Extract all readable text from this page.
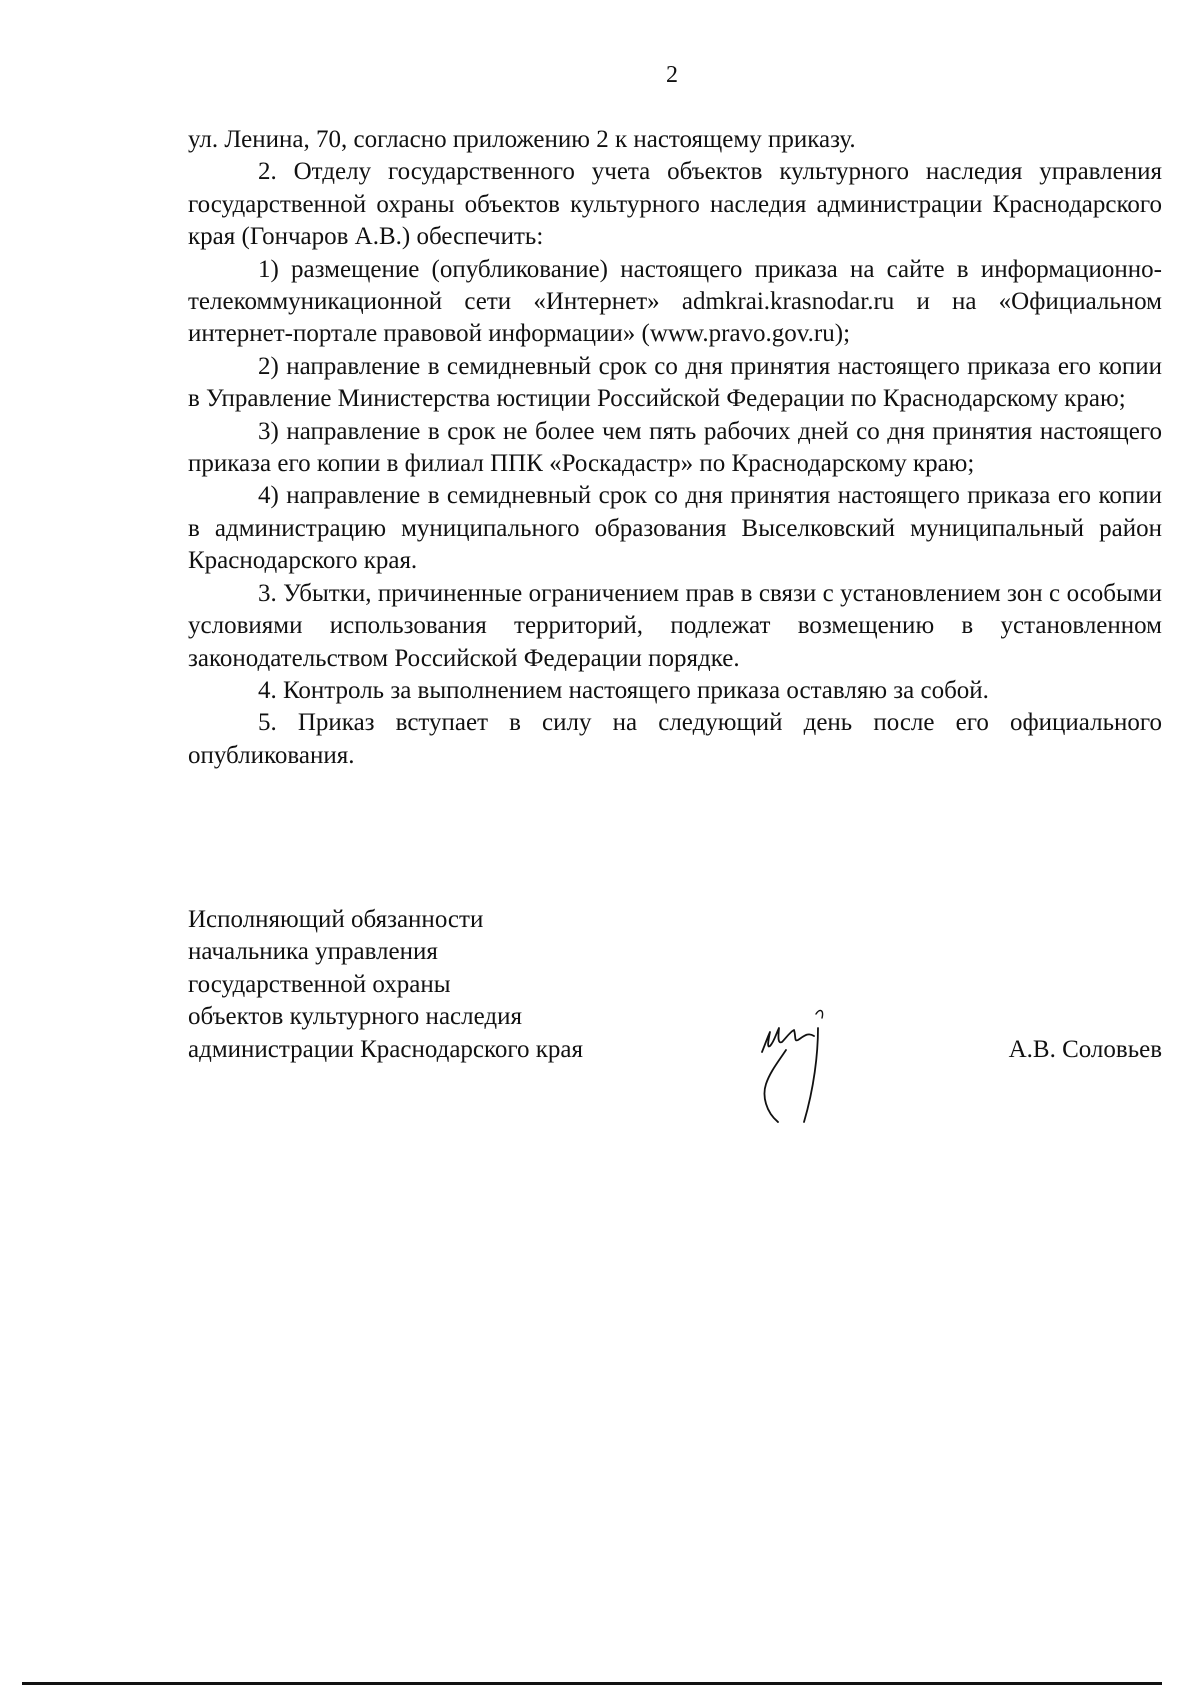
2

ул. Ленина, 70, согласно приложению 2 к настоящему приказу.

2. Отделу государственного учета объектов культурного наследия управления государственной охраны объектов культурного наследия администрации Краснодарского края (Гончаров А.В.) обеспечить:

1) размещение (опубликование) настоящего приказа на сайте в информационно-телекоммуникационной сети «Интернет» admkrai.krasnodar.ru и на «Официальном интернет-портале правовой информации» (www.pravo.gov.ru);

2) направление в семидневный срок со дня принятия настоящего приказа его копии в Управление Министерства юстиции Российской Федерации по Краснодарскому краю;

3) направление в срок не более чем пять рабочих дней со дня принятия настоящего приказа его копии в филиал ППК «Роскадастр» по Краснодарскому краю;

4) направление в семидневный срок со дня принятия настоящего приказа его копии в администрацию муниципального образования Выселковский муниципальный район Краснодарского края.

3. Убытки, причиненные ограничением прав в связи с установлением зон с особыми условиями использования территорий, подлежат возмещению в установленном законодательством Российской Федерации порядке.

4. Контроль за выполнением настоящего приказа оставляю за собой.

5. Приказ вступает в силу на следующий день после его официального опубликования.

Исполняющий обязанности
начальника управления
государственной охраны
объектов культурного наследия
администрации Краснодарского края	А.В. Соловьев
